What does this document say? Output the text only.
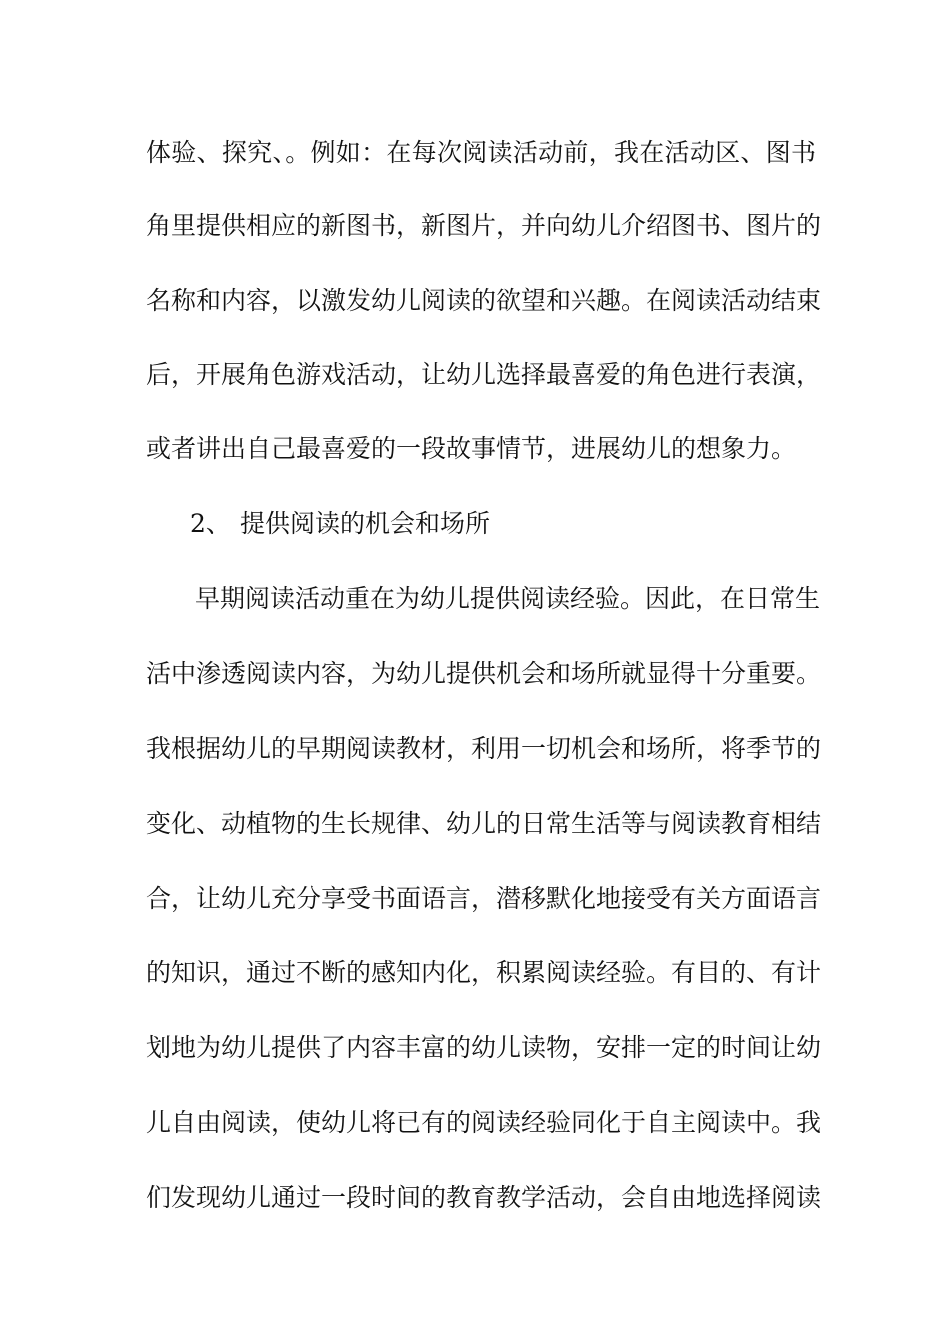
体验、探究、。例如：在每次阅读活动前，我在活动区、图书
角里提供相应的新图书，新图片，并向幼儿介绍图书、图片的
名称和内容，以激发幼儿阅读的欲望和兴趣。在阅读活动结束
后，开展角色游戏活动，让幼儿选择最喜爱的角色进行表演，
或者讲出自己最喜爱的一段故事情节，进展幼儿的想象力。
2、 提供阅读的机会和场所
早期阅读活动重在为幼儿提供阅读经验。因此，在日常生
活中渗透阅读内容，为幼儿提供机会和场所就显得十分重要。
我根据幼儿的早期阅读教材，利用一切机会和场所，将季节的
变化、动植物的生长规律、幼儿的日常生活等与阅读教育相结
合，让幼儿充分享受书面语言，潜移默化地接受有关方面语言
的知识，通过不断的感知内化，积累阅读经验。有目的、有计
划地为幼儿提供了内容丰富的幼儿读物，安排一定的时间让幼
儿自由阅读，使幼儿将已有的阅读经验同化于自主阅读中。我
们发现幼儿通过一段时间的教育教学活动，会自由地选择阅读
